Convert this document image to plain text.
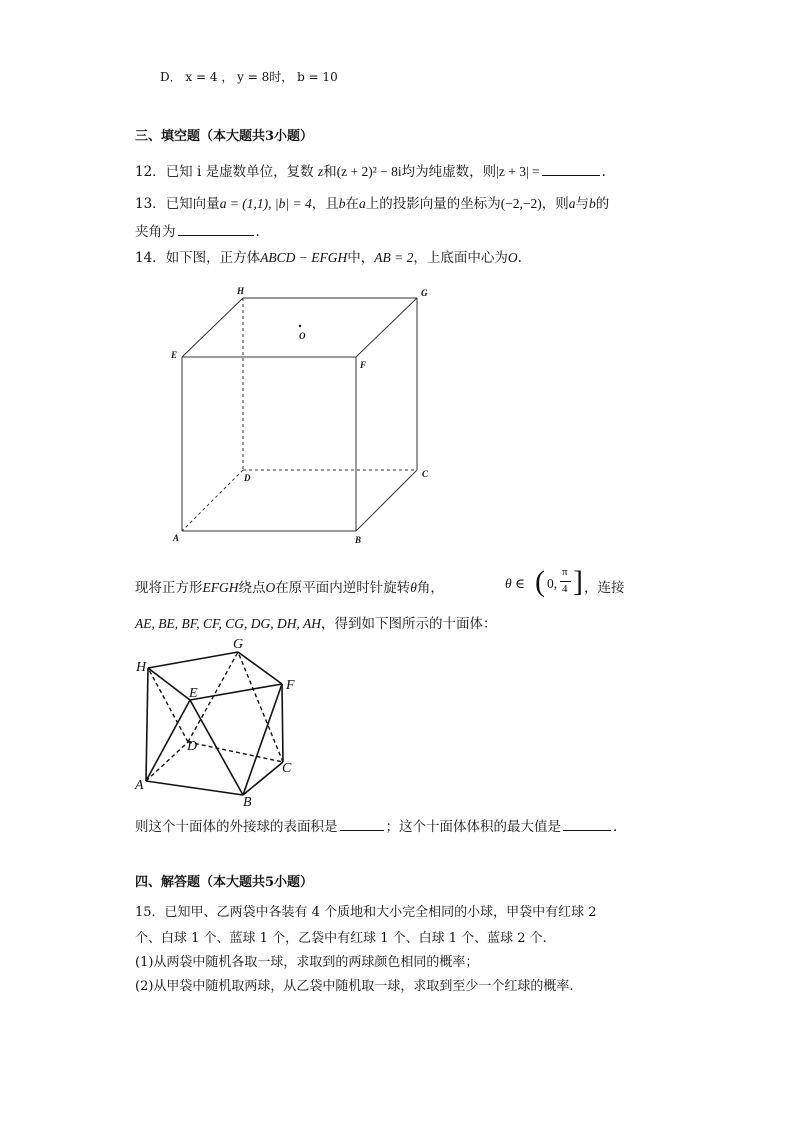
D． x = 4 ， y = 8时， b = 10
三、填空题（本大题共3小题）
12．已知 i 是虚数单位，复数 z和(z + 2)² − 8i均为纯虚数，则|z + 3| =	.
13．已知向量a = (1,1), |b| = 4，且b在a上的投影向量的坐标为(−2,−2)，则a与b的
夹角为	.
14．如下图，正方体ABCD − EFGH中，AB = 2，上底面中心为O.
H	G
E
F
O
D	C
A	B
现将正方形EFGH绕点O在原平面内逆时针旋转θ角，	θ ∈ ( 0,
π
4 ] ，连接
AE, BE, BF, CF, CG, DG, DH, AH，得到如下图所示的十面体：
G
H
E
F
D
C
A
B
则这个十面体的外接球的表面积是	；这个十面体体积的最大值是	.
四、解答题（本大题共5小题）
15．已知甲、乙两袋中各装有 4 个质地和大小完全相同的小球，甲袋中有红球 2
个、白球 1 个、蓝球 1 个，乙袋中有红球 1 个、白球 1 个、蓝球 2 个.
(1)从两袋中随机各取一球，求取到的两球颜色相同的概率；
(2)从甲袋中随机取两球，从乙袋中随机取一球，求取到至少一个红球的概率.
